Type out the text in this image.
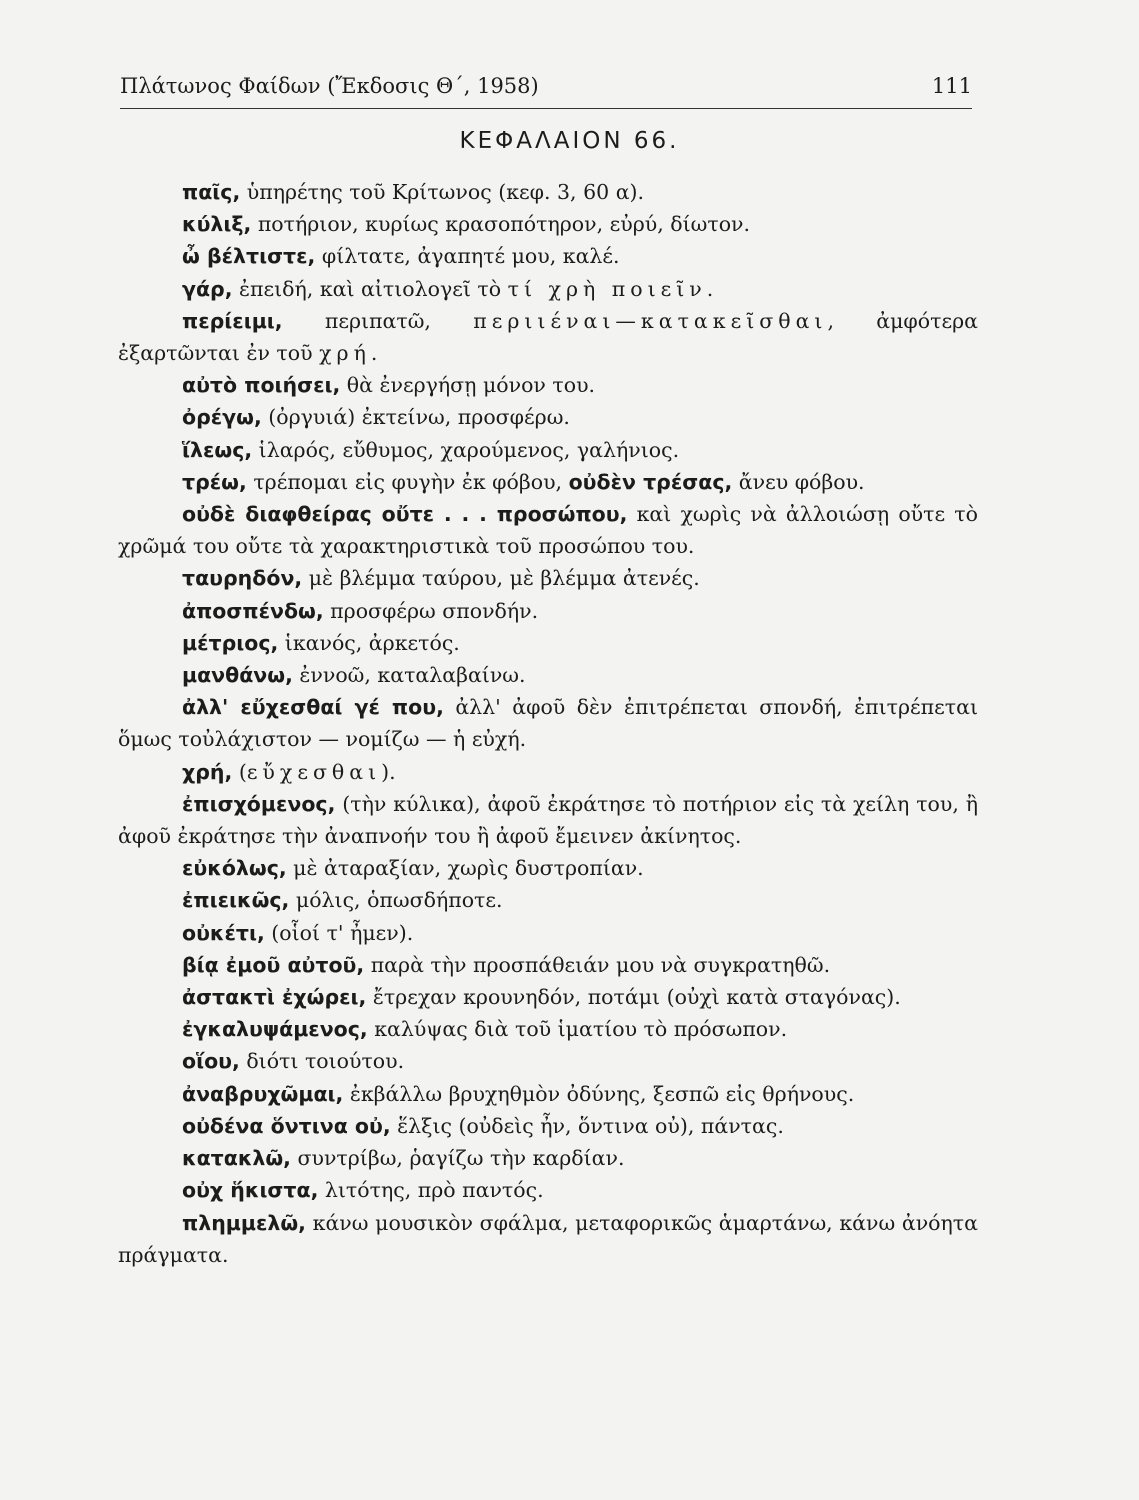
Πλάτωνος Φαίδων (Ἔκδοσις Θ΄, 1958)	111
ΚΕΦΑΛΑΙΟΝ 66.

παῖς, ὑπηρέτης τοῦ Κρίτωνος (κεφ. 3, 60 α).

κύλιξ, ποτήριον, κυρίως κρασοπότηρον, εὐρύ, δίωτον.

ὦ βέλτιστε, φίλτατε, ἀγαπητέ μου, καλέ.

γάρ, ἐπειδή, καὶ αἰτιολογεῖ τὸ τί χρὴ ποιεῖν.

περίειμι, περιπατῶ, περιιέναι—κατακεῖσθαι, ἀμφότερα ἐξαρτῶνται ἐν τοῦ χρή.

αὐτὸ ποιήσει, θὰ ἐνεργήσῃ μόνον του.

ὀρέγω, (ὀργυιά) ἐκτείνω, προσφέρω.

ἵλεως, ἱλαρός, εὔθυμος, χαρούμενος, γαλήνιος.

τρέω, τρέπομαι εἰς φυγὴν ἐκ φόβου, οὐδὲν τρέσας, ἄνευ φόβου.

οὐδὲ διαφθείρας οὔτε . . . προσώπου, καὶ χωρὶς νὰ ἀλλοιώσῃ οὔτε τὸ χρῶμά του οὔτε τὰ χαρακτηριστικὰ τοῦ προσώπου του.

ταυρηδόν, μὲ βλέμμα ταύρου, μὲ βλέμμα ἀτενές.

ἀποσπένδω, προσφέρω σπονδήν.

μέτριος, ἱκανός, ἀρκετός.

μανθάνω, ἐννοῶ, καταλαβαίνω.

ἀλλ' εὔχεσθαί γέ που, ἀλλ' ἀφοῦ δὲν ἐπιτρέπεται σπονδή, ἐπιτρέπεται ὅμως τοὐλάχιστον — νομίζω — ἡ εὐχή.

χρή, (εὔχεσθαι).

ἐπισχόμενος, (τὴν κύλικα), ἀφοῦ ἐκράτησε τὸ ποτήριον εἰς τὰ χείλη του, ἢ ἀφοῦ ἐκράτησε τὴν ἀναπνοήν του ἢ ἀφοῦ ἔμεινεν ἀκίνητος.

εὐκόλως, μὲ ἀταραξίαν, χωρὶς δυστροπίαν.

ἐπιεικῶς, μόλις, ὁπωσδήποτε.

οὐκέτι, (οἷοί τ' ἦμεν).

βίᾳ ἐμοῦ αὐτοῦ, παρὰ τὴν προσπάθειάν μου νὰ συγκρατηθῶ.

ἀστακτὶ ἐχώρει, ἔτρεχαν κρουνηδόν, ποτάμι (οὐχὶ κατὰ σταγόνας).

ἐγκαλυψάμενος, καλύψας διὰ τοῦ ἱματίου τὸ πρόσωπον.

οἵου, διότι τοιούτου.

ἀναβρυχῶμαι, ἐκβάλλω βρυχηθμὸν ὀδύνης, ξεσπῶ εἰς θρήνους.

οὐδένα ὅντινα οὐ, ἕλξις (οὐδεὶς ἦν, ὅντινα οὐ), πάντας.

κατακλῶ, συντρίβω, ῥαγίζω τὴν καρδίαν.

οὐχ ἥκιστα, λιτότης, πρὸ παντός.

πλημμελῶ, κάνω μουσικὸν σφάλμα, μεταφορικῶς ἁμαρτάνω, κάνω ἀνόητα πράγματα.
